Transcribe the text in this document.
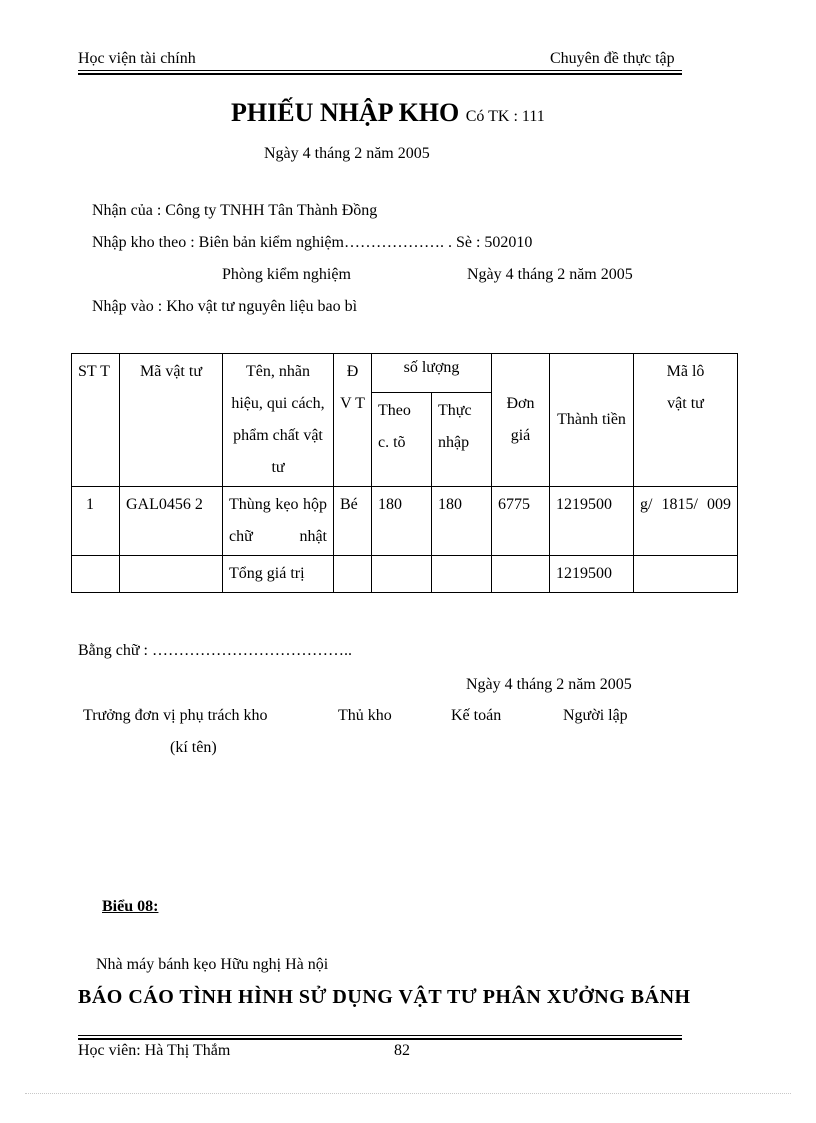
Học viện tài chính	Chuyên đề thực tập
PHIẾU NHẬP KHO Có TK : 111
Ngày 4 tháng 2 năm 2005
Nhận của : Công ty TNHH Tân Thành Đồng
Nhập kho theo : Biên bản kiểm nghiệm………………. . Sè : 502010
Phòng kiểm nghiệm	Ngày 4 tháng 2 năm 2005
Nhập vào : Kho vật tư nguyên liệu bao bì
ST T	Mã vật tư	Tên, nhãn hiệu, qui cách, phẩm chất vật tư	Đ V T	số lượng		Đơn giá	Thành tiền	Mã lô vật tư
				Theo c. tõ	Thực nhập			
1	GAL0456 2	Thùng kẹo hộp chữ nhật	Bé	180	180	6775	1219500	g/ 1815/ 009
		Tổng giá trị					1219500	
Bằng chữ : ………………………………..
Ngày 4 tháng 2 năm 2005
Trưởng đơn vị phụ trách kho	Thủ kho	Kế toán	Người lập
(kí tên)
Biểu 08:
Nhà máy bánh kẹo Hữu nghị Hà nội
BÁO CÁO TÌNH HÌNH SỬ DỤNG VẬT TƯ PHÂN XƯỞNG BÁNH
Học viên: Hà Thị Thắm	82
